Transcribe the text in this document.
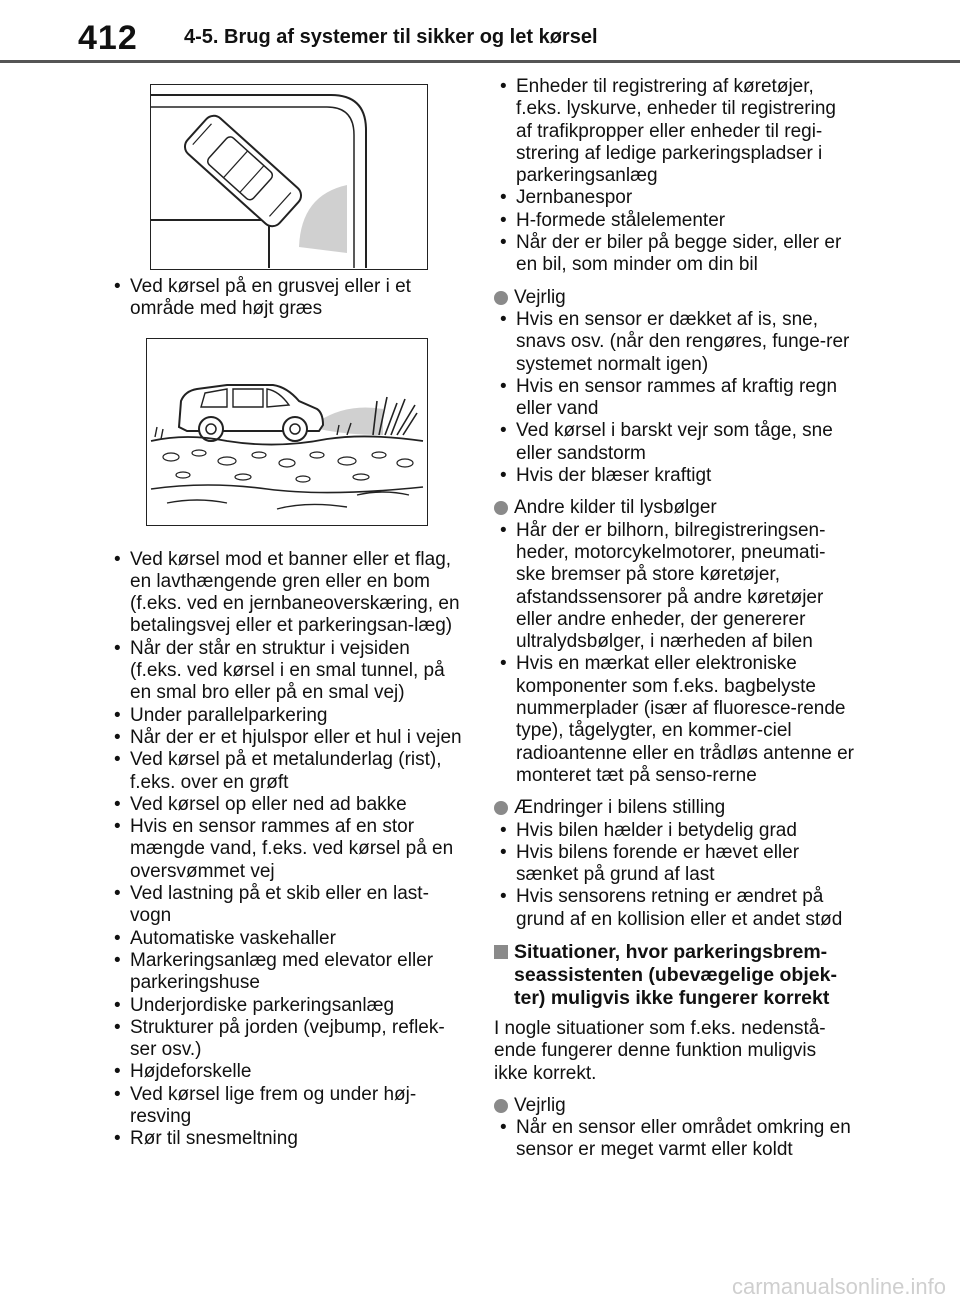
412 4-5. Brug af systemer til sikker og let kørsel
• Ved kørsel på en grusvej eller i et område med højt græs
• Ved kørsel mod et banner eller et flag, en lavthængende gren eller en bom (f.eks. ved en jernbaneoverskæring, en betalingsvej eller et parkeringsan-læg)
• Når der står en struktur i vejsiden (f.eks. ved kørsel i en smal tunnel, på en smal bro eller på en smal vej)
• Under parallelparkering
• Når der er et hjulspor eller et hul i vejen
• Ved kørsel på et metalunderlag (rist), f.eks. over en grøft
• Ved kørsel op eller ned ad bakke
• Hvis en sensor rammes af en stor mængde vand, f.eks. ved kørsel på en oversvømmet vej
• Ved lastning på et skib eller en last-vogn
• Automatiske vaskehaller
• Markeringsanlæg med elevator eller parkeringshuse
• Underjordiske parkeringsanlæg
• Strukturer på jorden (vejbump, reflek-ser osv.)
• Højdeforskelle
• Ved kørsel lige frem og under høj-resving
• Rør til snesmeltning
• Enheder til registrering af køretøjer, f.eks. lyskurve, enheder til registrering af trafikpropper eller enheder til regi-strering af ledige parkeringspladser i parkeringsanlæg
• Jernbanespor
• H-formede stålelementer
• Når der er biler på begge sider, eller er en bil, som minder om din bil
Vejrlig
• Hvis en sensor er dækket af is, sne, snavs osv. (når den rengøres, funge-rer systemet normalt igen)
• Hvis en sensor rammes af kraftig regn eller vand
• Ved kørsel i barskt vejr som tåge, sne eller sandstorm
• Hvis der blæser kraftigt
Andre kilder til lysbølger
• Hår der er bilhorn, bilregistreringsen-heder, motorcykelmotorer, pneumati-ske bremser på store køretøjer, afstandssensorer på andre køretøjer eller andre enheder, der genererer ultralydsbølger, i nærheden af bilen
• Hvis en mærkat eller elektroniske komponenter som f.eks. bagbelyste nummerplader (især af fluoresce-rende type), tågelygter, en kommer-ciel radioantenne eller en trådløs antenne er monteret tæt på senso-rerne
Ændringer i bilens stilling
• Hvis bilen hælder i betydelig grad
• Hvis bilens forende er hævet eller sænket på grund af last
• Hvis sensorens retning er ændret på grund af en kollision eller et andet stød
Situationer, hvor parkeringsbrem-seassistenten (ubevægelige objek-ter) muligvis ikke fungerer korrekt
I nogle situationer som f.eks. nedenstå-ende fungerer denne funktion muligvis ikke korrekt.
Vejrlig
• Når en sensor eller området omkring en sensor er meget varmt eller koldt
carmanualsonline.info
